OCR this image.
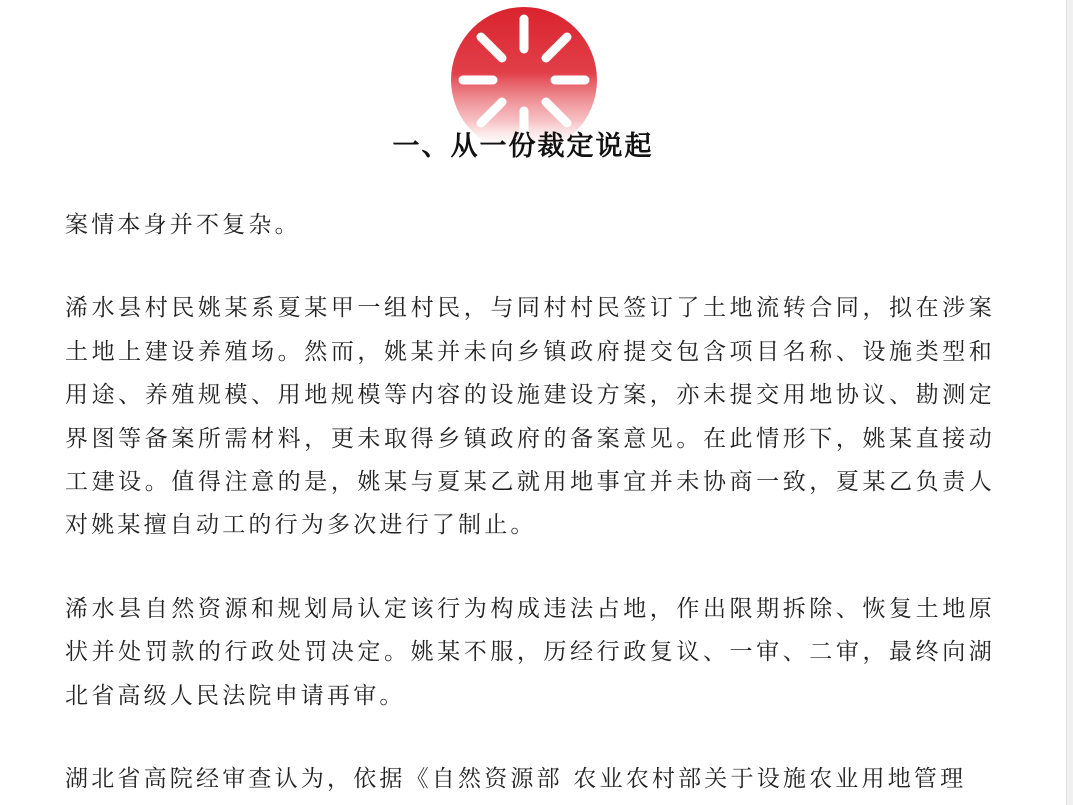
一、从一份裁定说起

案情本身并不复杂。

浠水县村民姚某系夏某甲一组村民，与同村村民签订了土地流转合同，拟在涉案土地上建设养殖场。然而，姚某并未向乡镇政府提交包含项目名称、设施类型和用途、养殖规模、用地规模等内容的设施建设方案，亦未提交用地协议、勘测定界图等备案所需材料，更未取得乡镇政府的备案意见。在此情形下，姚某直接动工建设。值得注意的是，姚某与夏某乙就用地事宜并未协商一致，夏某乙负责人对姚某擅自动工的行为多次进行了制止。

浠水县自然资源和规划局认定该行为构成违法占地，作出限期拆除、恢复土地原状并处罚款的行政处罚决定。姚某不服，历经行政复议、一审、二审，最终向湖北省高级人民法院申请再审。

湖北省高院经审查认为，依据《自然资源部 农业农村部关于设施农业用地管理
